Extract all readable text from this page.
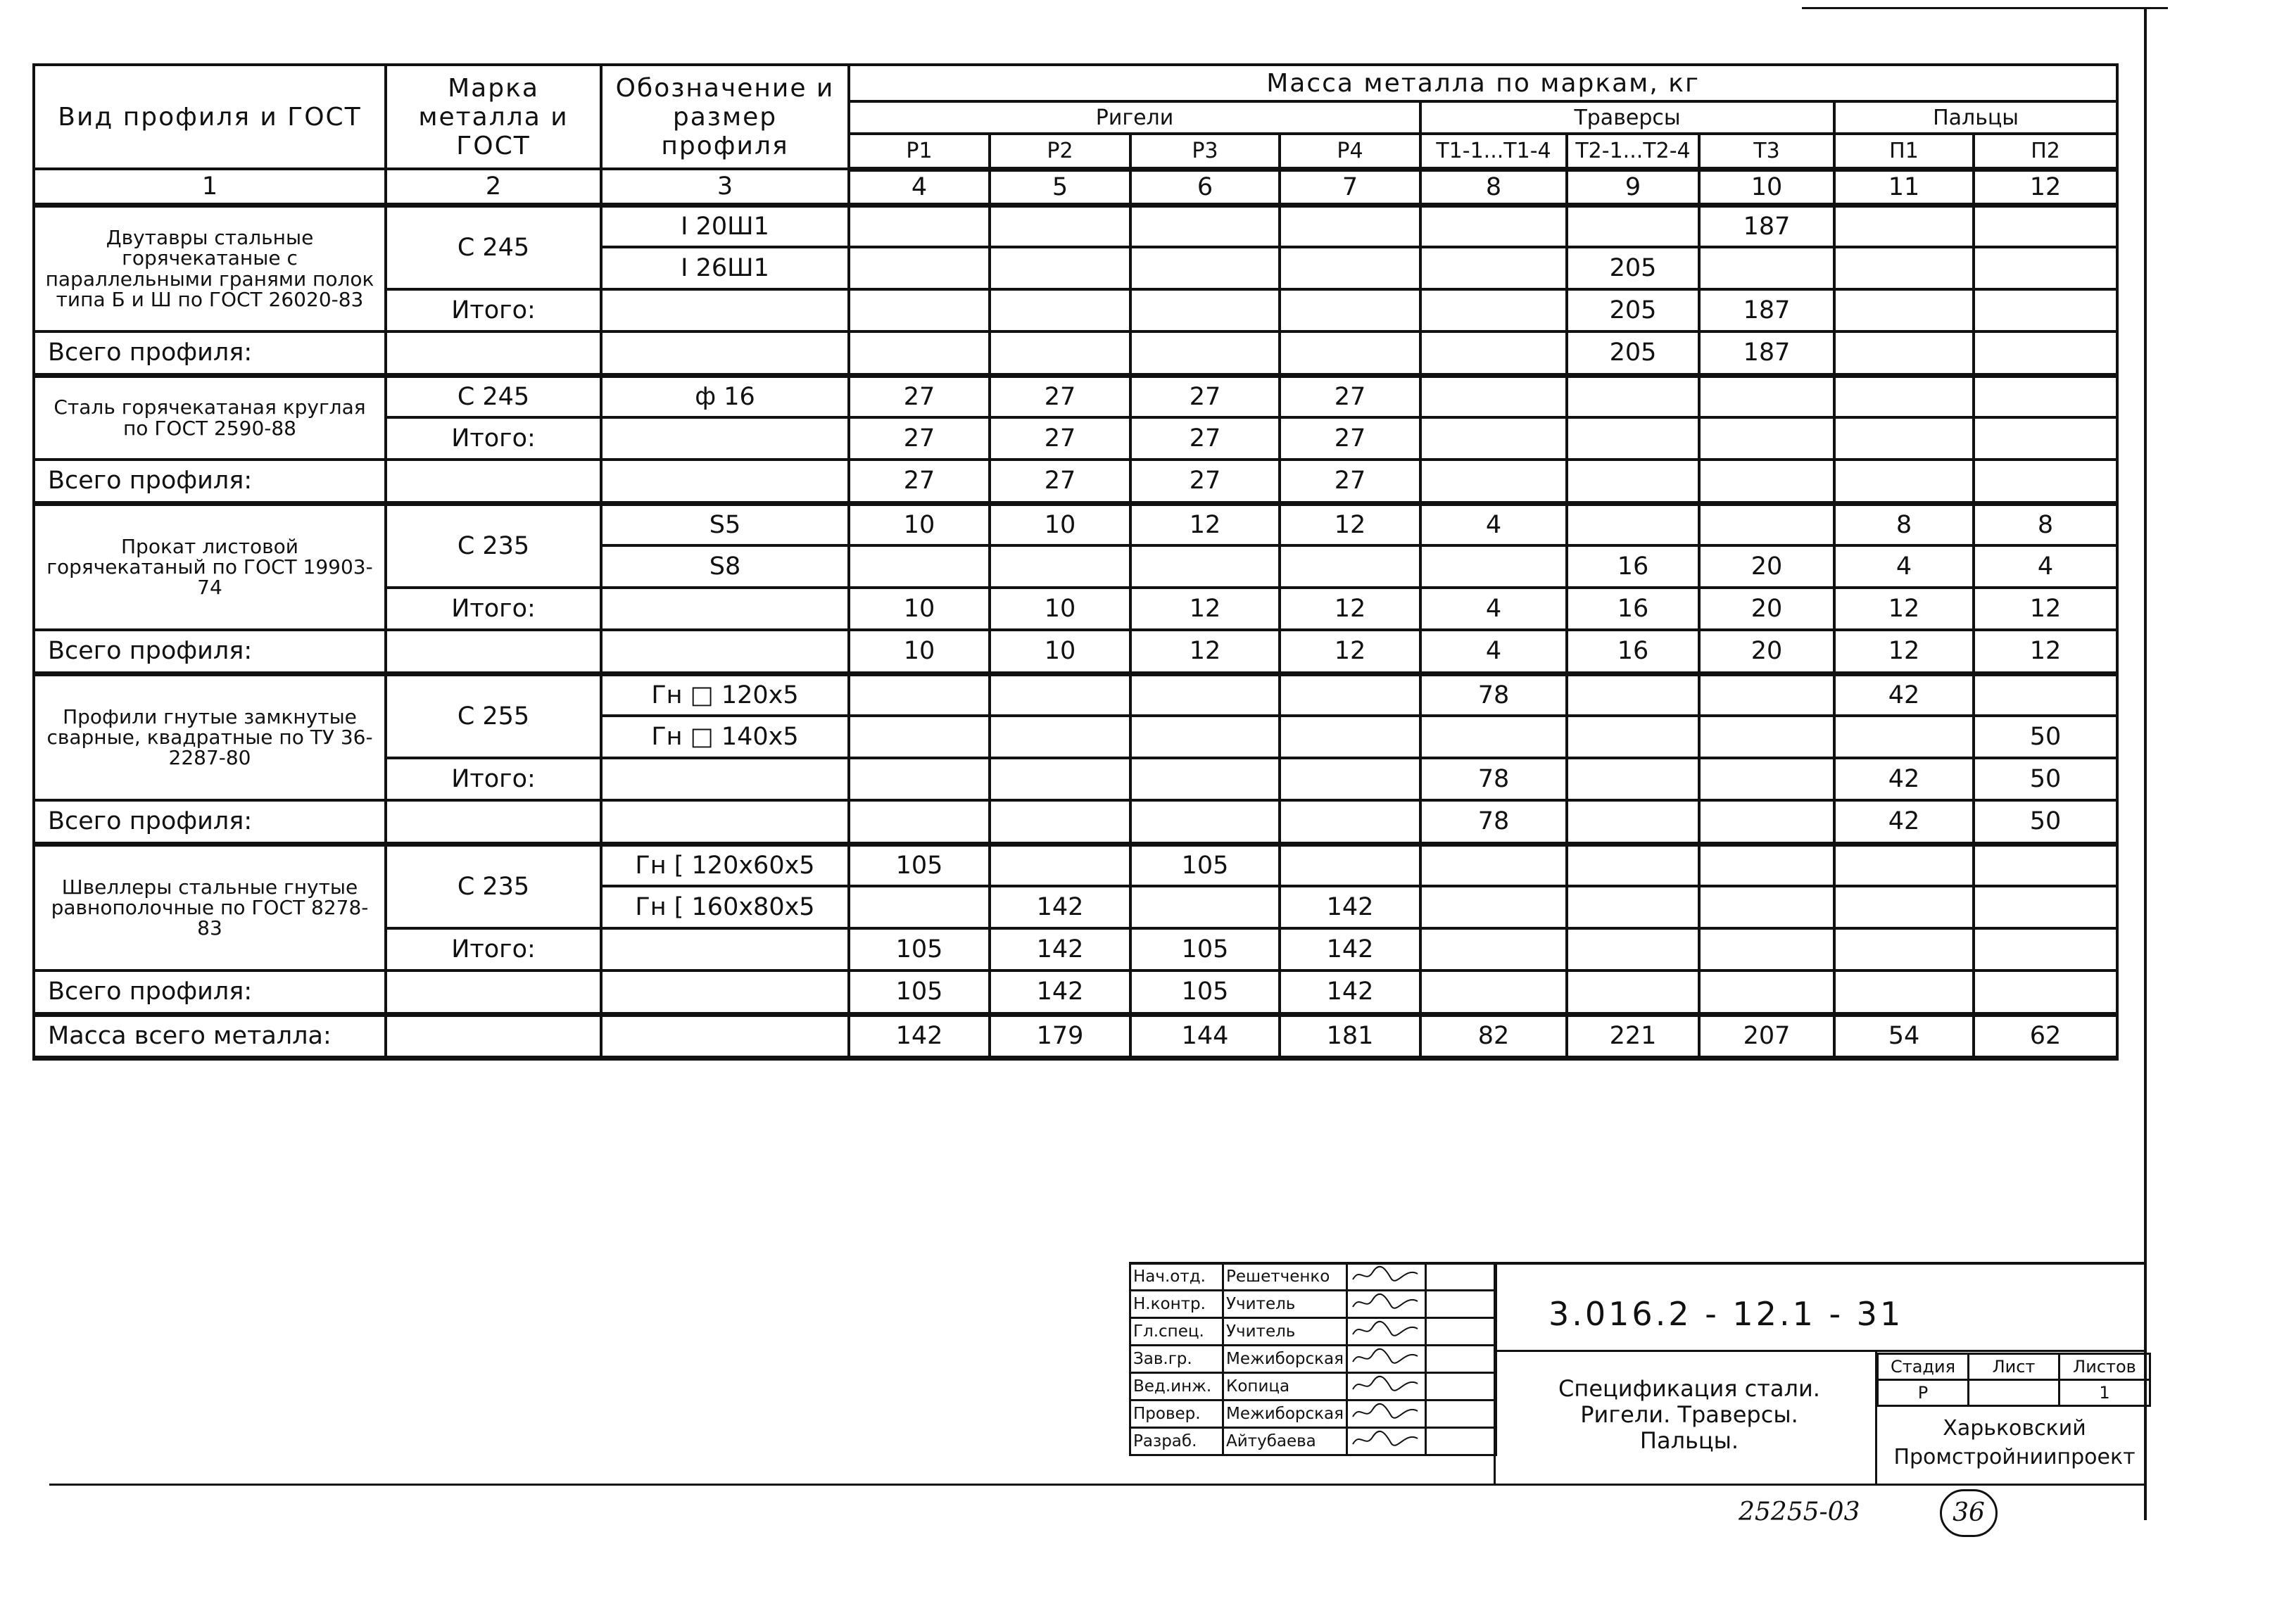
Вид профиля и ГОСТ	Марка металла и ГОСТ	Обозначение и размер профиля	Масса металла по маркам, кг								
			Ригели				Траверсы			Пальцы	
			Р1	Р2	Р3	Р4	Т1-1...Т1-4	Т2-1...Т2-4	Т3	П1	П2
1	2	3	4	5	6	7	8	9	10	11	12
Двутавры стальные горячекатаные с параллельными гранями полок типа Б и Ш по ГОСТ 26020-83	С 245	I 20Ш1							187		
		I 26Ш1						205			
	Итого:							205	187		
Всего профиля:								205	187		
Сталь горячекатаная круглая по ГОСТ 2590-88	С 245	ф 16	27	27	27	27					
	Итого:		27	27	27	27					
Всего профиля:			27	27	27	27					
Прокат листовой горячекатаный по ГОСТ 19903-74	С 235	S5	10	10	12	12	4			8	8
		S8						16	20	4	4
	Итого:		10	10	12	12	4	16	20	12	12
Всего профиля:			10	10	12	12	4	16	20	12	12
Профили гнутые замкнутые сварные, квадратные по ТУ 36-2287-80	С 255	Гн □ 120х5					78			42	
		Гн □ 140х5									50
	Итого:						78			42	50
Всего профиля:							78			42	50
Швеллеры стальные гнутые равнополочные по ГОСТ 8278-83	С 235	Гн [ 120х60х5	105		105						
		Гн [ 160х80х5		142		142					
	Итого:		105	142	105	142					
Всего профиля:			105	142	105	142					
Масса всего металла:			142	179	144	181	82	221	207	54	62
Нач.отд.	Решетченко		
Н.контр.	Учитель		
Гл.спец.	Учитель		
Зав.гр.	Межиборская		
Вед.инж.	Копица		
Провер.	Межиборская		
Разраб.	Айтубаева		
3.016.2 - 12.1 - 31
Спецификация стали.
Ригели. Траверсы.
Пальцы.
Стадия	Лист	Листов
Р		1
Харьковский
Промстройниипроект
25255-03	36
